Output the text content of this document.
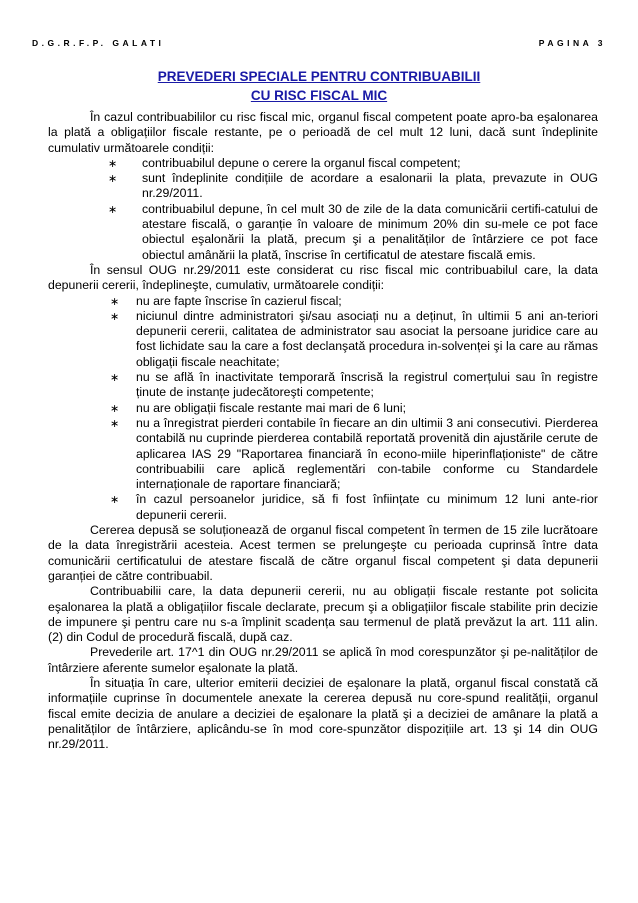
D.G.R.F.P. GALATI	PAGINA 3
PREVEDERI SPECIALE PENTRU CONTRIBUABILII
CU RISC FISCAL MIC

În cazul contribuabililor cu risc fiscal mic, organul fiscal competent poate apro-ba eşalonarea la plată a obligațiilor fiscale restante, pe o perioadă de cel mult 12 luni, dacă sunt îndeplinite cumulativ următoarele condiții:

∗ contribuabilul depune o cerere la organul fiscal competent;
∗ sunt îndeplinite condițiile de acordare a esalonarii la plata, prevazute in OUG nr.29/2011.
∗ contribuabilul depune, în cel mult 30 de zile de la data comunicării certifi-catului de atestare fiscală, o garanție în valoare de minimum 20% din su-mele ce pot face obiectul eşalonării la plată, precum şi a penalităților de întârziere ce pot face obiectul amânării la plată, înscrise în certificatul de atestare fiscală emis.

În sensul OUG nr.29/2011 este considerat cu risc fiscal mic contribuabilul care, la data depunerii cererii, îndeplineşte, cumulativ, următoarele condiții:

∗ nu are fapte înscrise în cazierul fiscal;
∗ niciunul dintre administratori şi/sau asociați nu a deținut, în ultimii 5 ani an-teriori depunerii cererii, calitatea de administrator sau asociat la persoane juridice care au fost lichidate sau la care a fost declanşată procedura in-solvenței şi la care au rămas obligații fiscale neachitate;
∗ nu se află în inactivitate temporară înscrisă la registrul comerțului sau în registre ținute de instanțe judecătoreşti competente;
∗ nu are obligații fiscale restante mai mari de 6 luni;
∗ nu a înregistrat pierderi contabile în fiecare an din ultimii 3 ani consecutivi. Pierderea contabilă nu cuprinde pierderea contabilă reportată provenită din ajustările cerute de aplicarea IAS 29 "Raportarea financiară în econo-miile hiperinflaționiste" de către contribuabilii care aplică reglementări con-tabile conforme cu Standardele internaționale de raportare financiară;
∗ în cazul persoanelor juridice, să fi fost înființate cu minimum 12 luni ante-rior depunerii cererii.

Cererea depusă se soluționează de organul fiscal competent în termen de 15 zile lucrătoare de la data înregistrării acesteia. Acest termen se prelungeşte cu perioada cuprinsă între data comunicării certificatului de atestare fiscală de către organul fiscal competent şi data depunerii garanției de către contribuabil.

Contribuabilii care, la data depunerii cererii, nu au obligații fiscale restante pot solicita eşalonarea la plată a obligațiilor fiscale declarate, precum şi a obligațiilor fiscale stabilite prin decizie de impunere şi pentru care nu s-a împlinit scadența sau termenul de plată prevăzut la art. 111 alin. (2) din Codul de procedură fiscală, după caz.

Prevederile art. 17^1 din OUG nr.29/2011 se aplică în mod corespunzător şi pe-nalităților de întârziere aferente sumelor eşalonate la plată.

În situația în care, ulterior emiterii deciziei de eşalonare la plată, organul fiscal constată că informațiile cuprinse în documentele anexate la cererea depusă nu core-spund realității, organul fiscal emite decizia de anulare a deciziei de eşalonare la plată şi a deciziei de amânare la plată a penalităților de întârziere, aplicându-se în mod core-spunzător dispozițiile art. 13 şi 14 din OUG nr.29/2011.
